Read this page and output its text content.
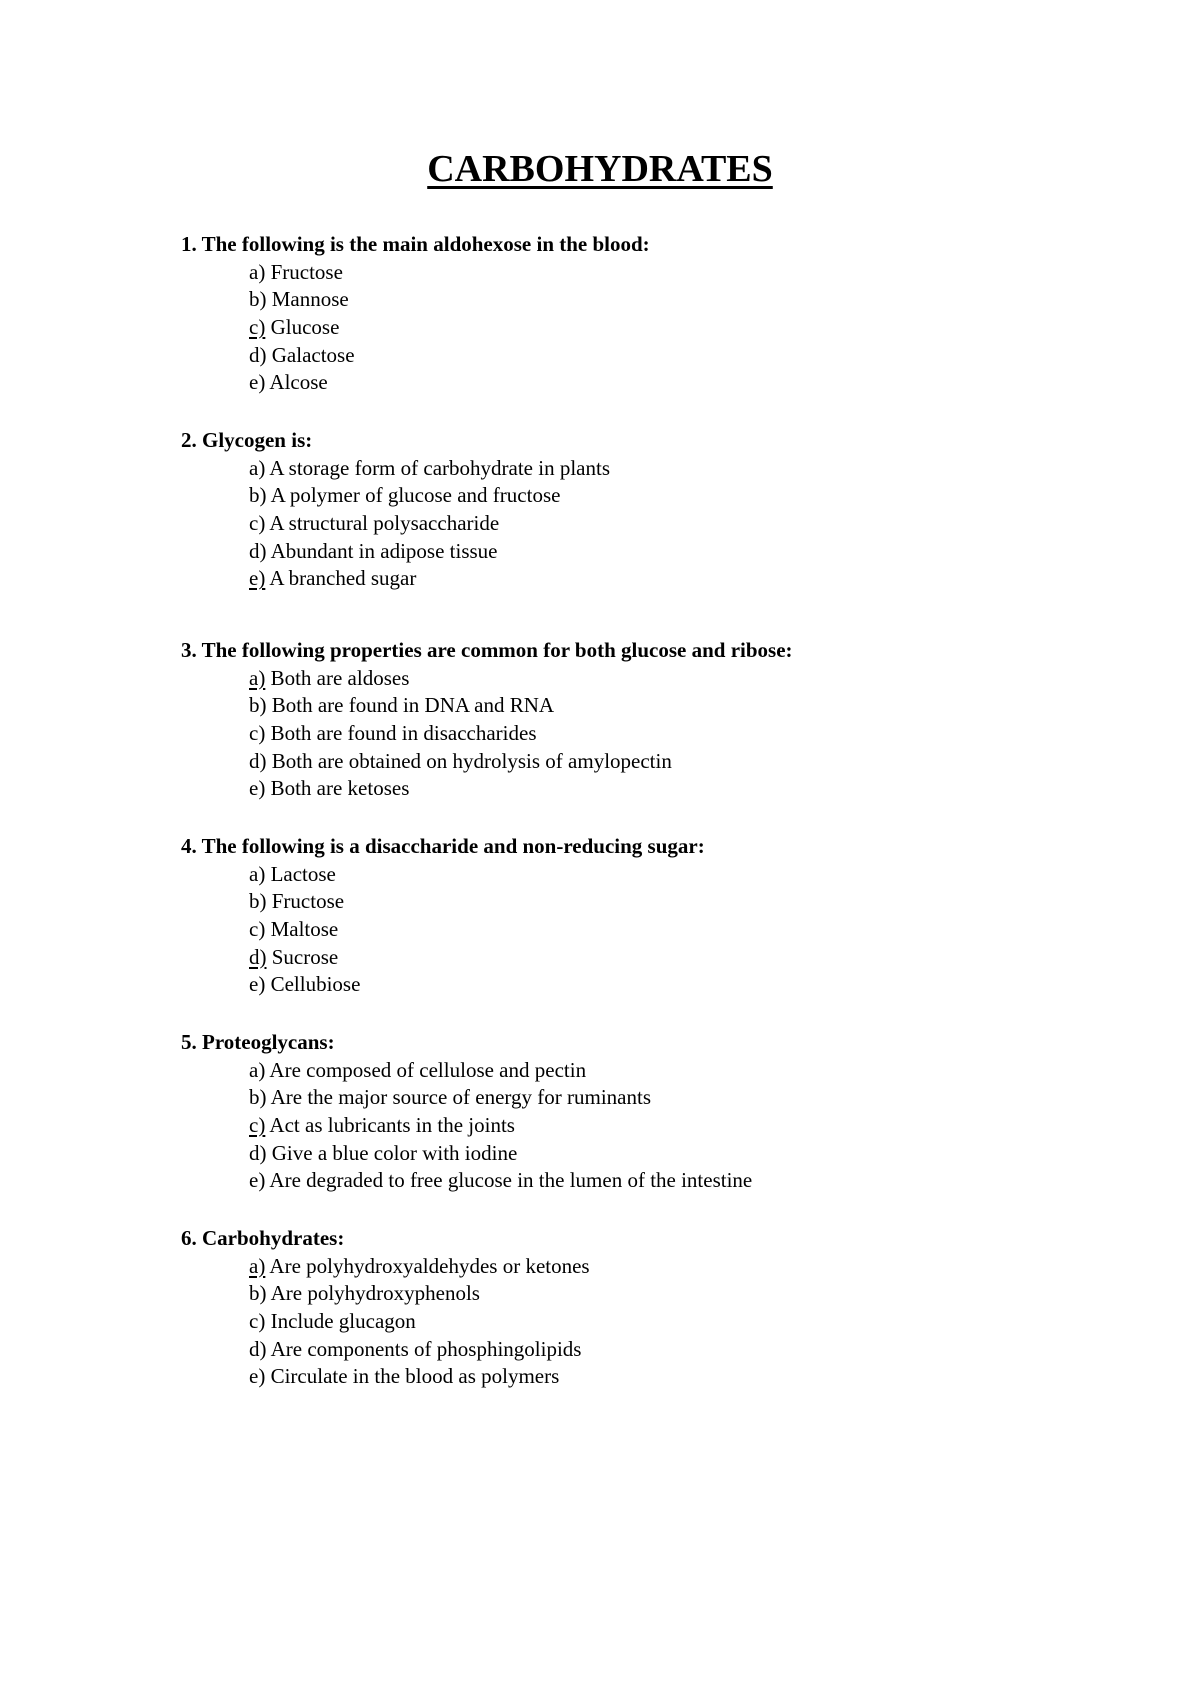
CARBOHYDRATES
1. The following is the main aldohexose in the blood:
a) Fructose
b) Mannose
c) Glucose
d) Galactose
e) Alcose
2. Glycogen is:
a) A storage form of carbohydrate in plants
b) A polymer of glucose and fructose
c) A structural polysaccharide
d) Abundant in adipose tissue
e) A branched sugar
3. The following properties are common for both glucose and ribose:
a) Both are aldoses
b) Both are found in DNA and RNA
c) Both are found in disaccharides
d) Both are obtained on hydrolysis of amylopectin
e) Both are ketoses
4. The following is a disaccharide and non-reducing sugar:
a) Lactose
b) Fructose
c) Maltose
d) Sucrose
e) Cellubiose
5. Proteoglycans:
a) Are composed of cellulose and pectin
b) Are the major source of energy for ruminants
c) Act as lubricants in the joints
d) Give a blue color with iodine
e) Are degraded to free glucose in the lumen of the intestine
6. Carbohydrates:
a) Are polyhydroxyaldehydes or ketones
b) Are polyhydroxyphenols
c) Include glucagon
d) Are components of phosphingolipids
e) Circulate in the blood as polymers
